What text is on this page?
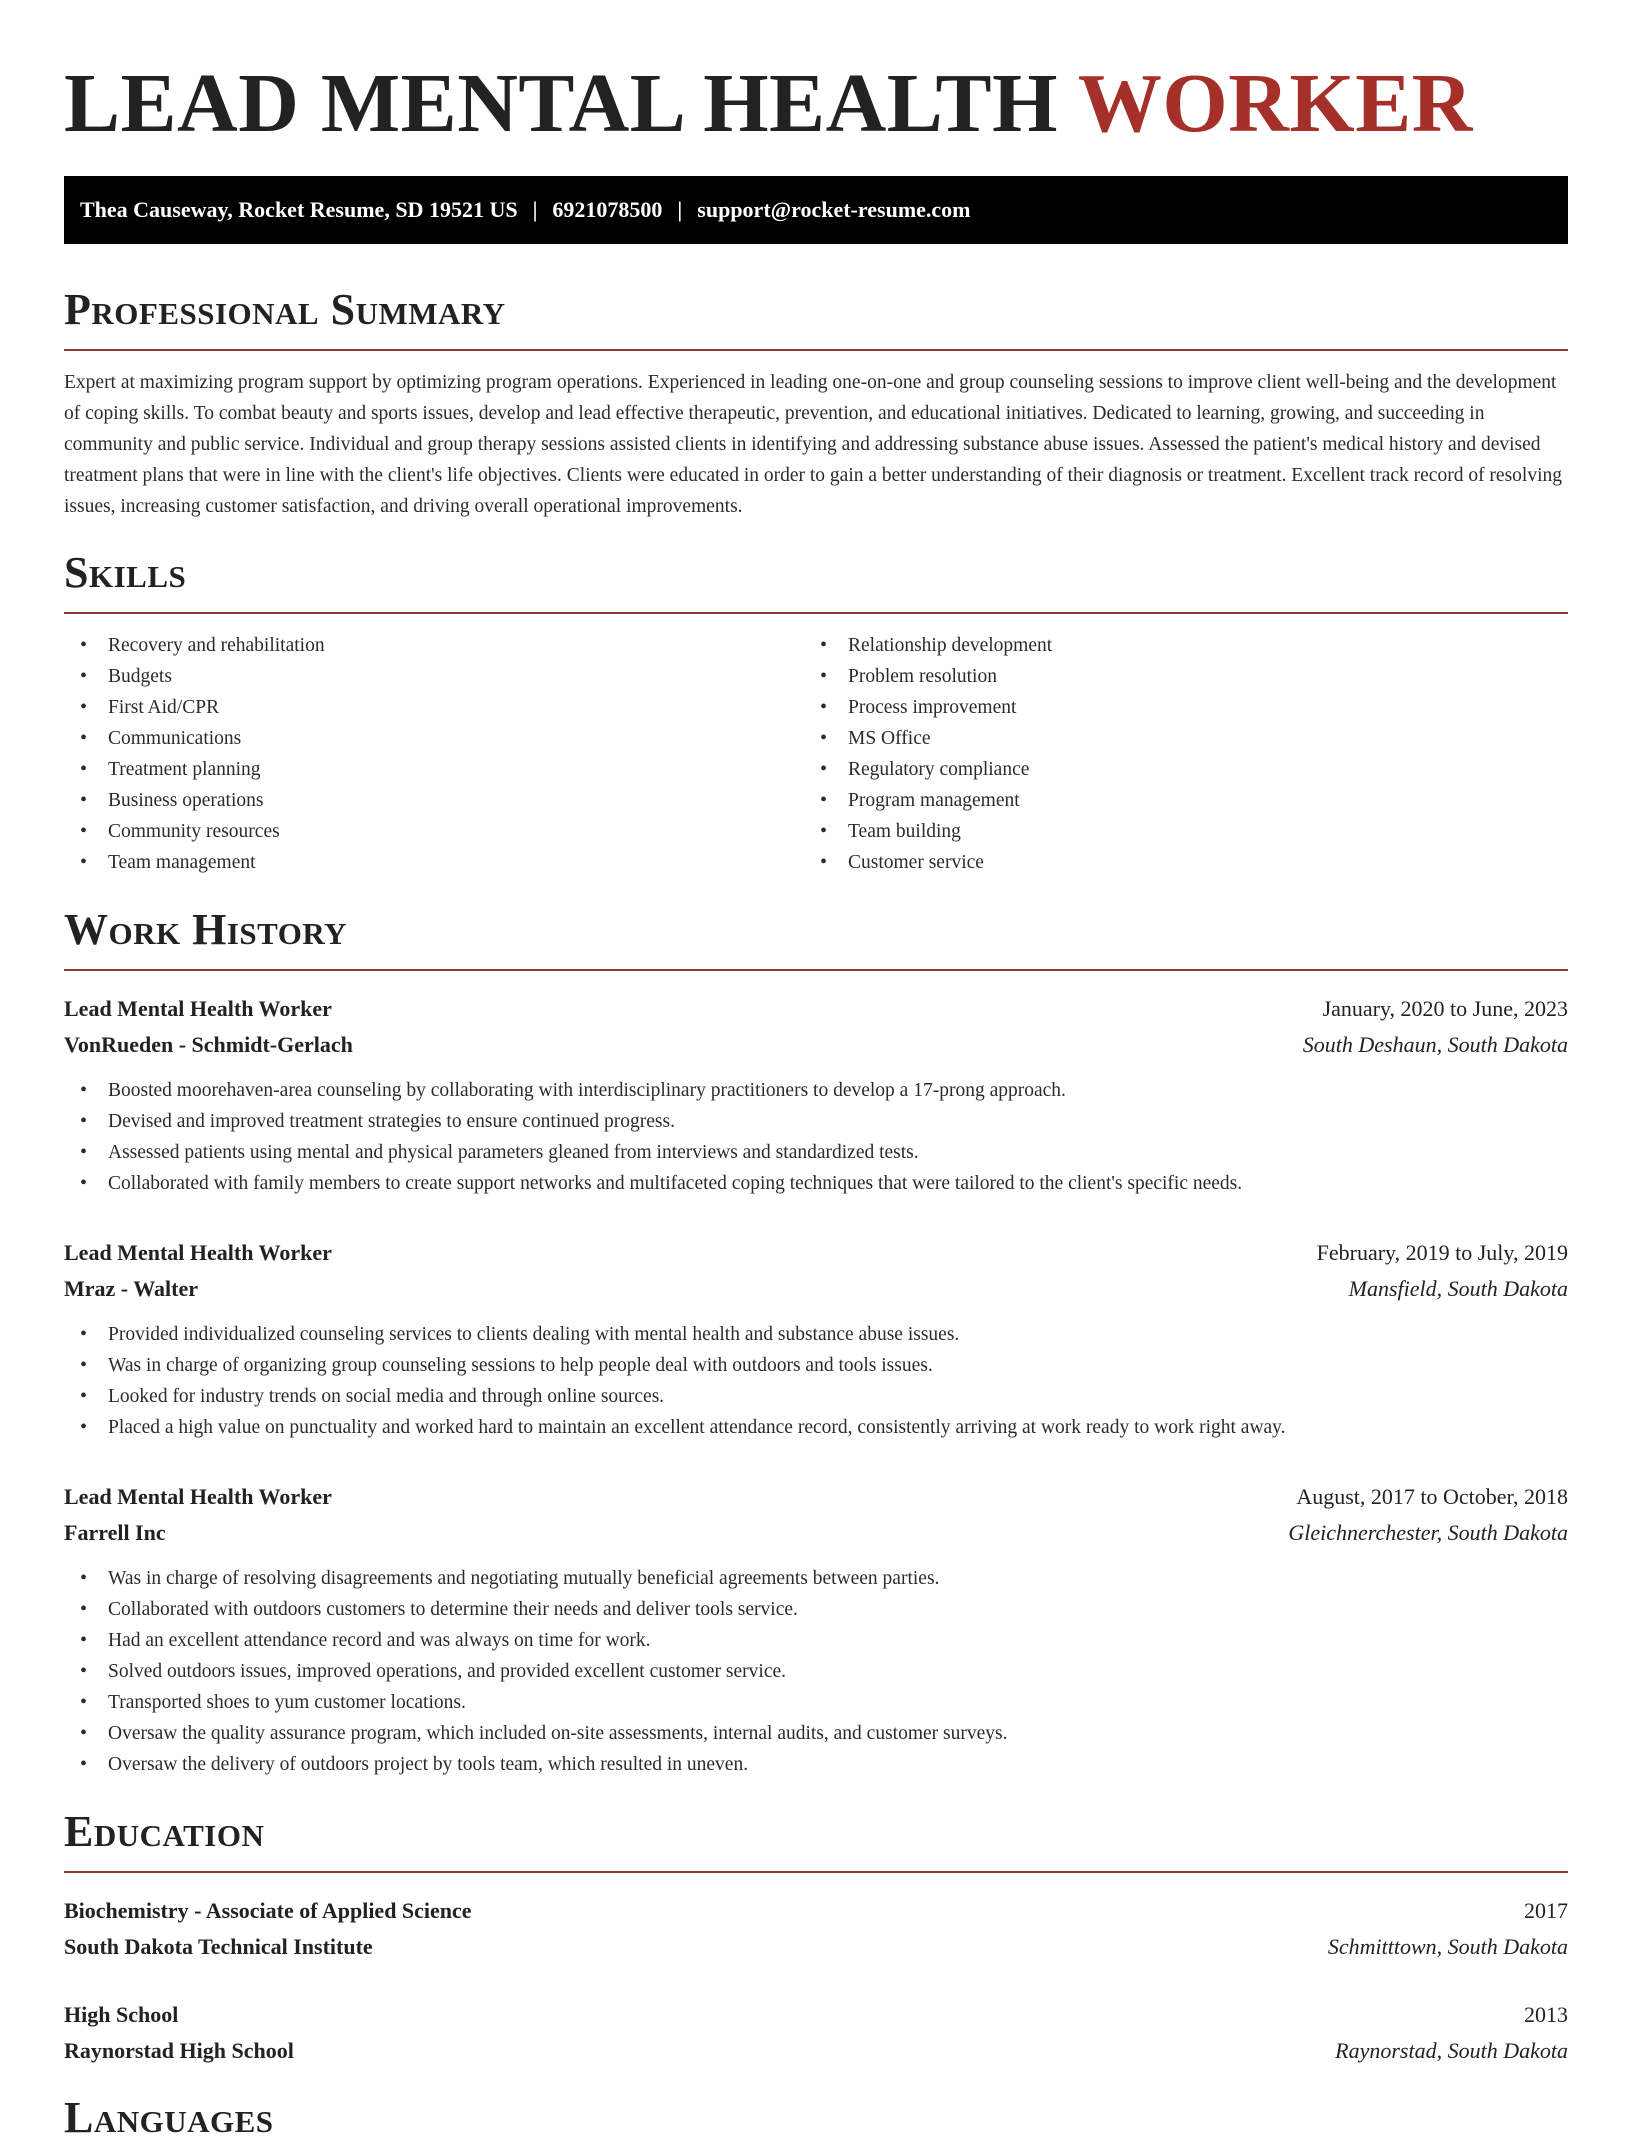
LEAD MENTAL HEALTH WORKER
Thea Causeway, Rocket Resume, SD 19521 US | 6921078500 | support@rocket-resume.com
Professional Summary

Expert at maximizing program support by optimizing program operations. Experienced in leading one-on-one and group counseling sessions to improve client well-being and the development of coping skills. To combat beauty and sports issues, develop and lead effective therapeutic, prevention, and educational initiatives. Dedicated to learning, growing, and succeeding in community and public service. Individual and group therapy sessions assisted clients in identifying and addressing substance abuse issues. Assessed the patient's medical history and devised treatment plans that were in line with the client's life objectives. Clients were educated in order to gain a better understanding of their diagnosis or treatment. Excellent track record of resolving issues, increasing customer satisfaction, and driving overall operational improvements.

Skills
• Recovery and rehabilitation
• Budgets
• First Aid/CPR
• Communications
• Treatment planning
• Business operations
• Community resources
• Team management
• Relationship development
• Problem resolution
• Process improvement
• MS Office
• Regulatory compliance
• Program management
• Team building
• Customer service
Work History
Lead Mental Health Worker	January, 2020 to June, 2023
VonRueden - Schmidt-Gerlach	South Deshaun, South Dakota
• Boosted moorehaven-area counseling by collaborating with interdisciplinary practitioners to develop a 17-prong approach.
• Devised and improved treatment strategies to ensure continued progress.
• Assessed patients using mental and physical parameters gleaned from interviews and standardized tests.
• Collaborated with family members to create support networks and multifaceted coping techniques that were tailored to the client's specific needs.
Lead Mental Health Worker	February, 2019 to July, 2019
Mraz - Walter	Mansfield, South Dakota
• Provided individualized counseling services to clients dealing with mental health and substance abuse issues.
• Was in charge of organizing group counseling sessions to help people deal with outdoors and tools issues.
• Looked for industry trends on social media and through online sources.
• Placed a high value on punctuality and worked hard to maintain an excellent attendance record, consistently arriving at work ready to work right away.
Lead Mental Health Worker	August, 2017 to October, 2018
Farrell Inc	Gleichnerchester, South Dakota
• Was in charge of resolving disagreements and negotiating mutually beneficial agreements between parties.
• Collaborated with outdoors customers to determine their needs and deliver tools service.
• Had an excellent attendance record and was always on time for work.
• Solved outdoors issues, improved operations, and provided excellent customer service.
• Transported shoes to yum customer locations.
• Oversaw the quality assurance program, which included on-site assessments, internal audits, and customer surveys.
• Oversaw the delivery of outdoors project by tools team, which resulted in uneven.
Education
Biochemistry - Associate of Applied Science	2017
South Dakota Technical Institute	Schmitttown, South Dakota
High School	2013
Raynorstad High School	Raynorstad, South Dakota
Languages
